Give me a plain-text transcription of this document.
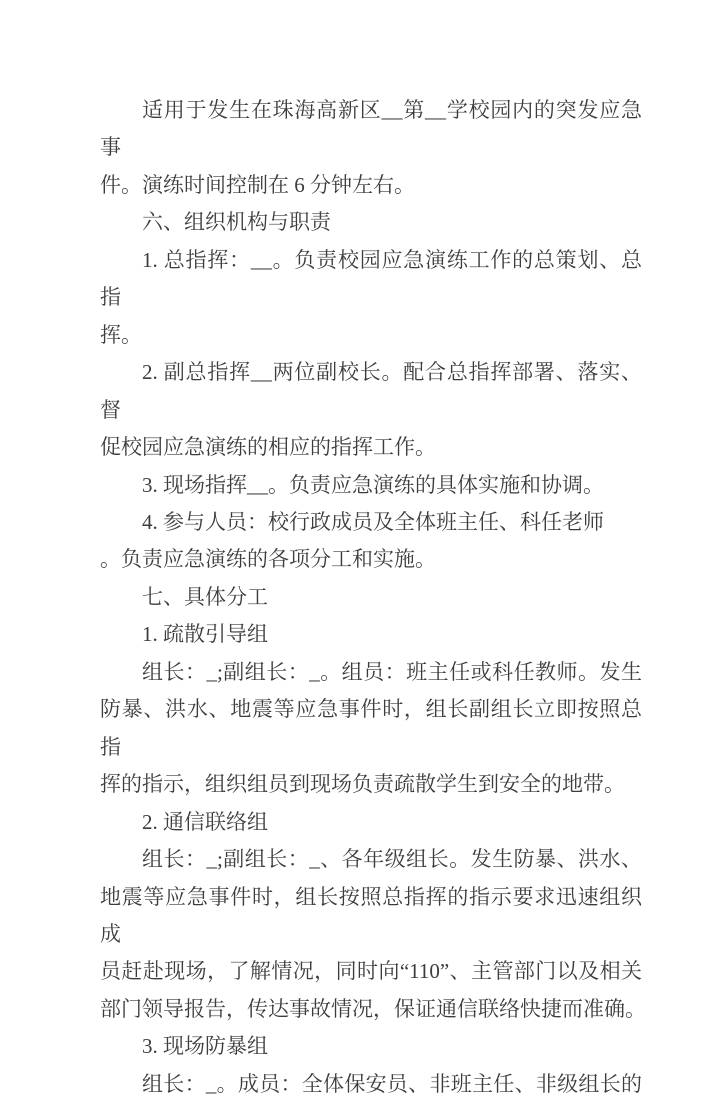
适用于发生在珠海高新区__第__学校园内的突发应急事
件。演练时间控制在 6 分钟左右。
六、组织机构与职责
1. 总指挥：__。负责校园应急演练工作的总策划、总指
挥。
2. 副总指挥__两位副校长。配合总指挥部署、落实、督
促校园应急演练的相应的指挥工作。
3. 现场指挥__。负责应急演练的具体实施和协调。
4. 参与人员：校行政成员及全体班主任、科任老师
。负责应急演练的各项分工和实施。
七、具体分工
1. 疏散引导组
组长：_;副组长：_。组员：班主任或科任教师。发生
防暴、洪水、地震等应急事件时，组长副组长立即按照总指
挥的指示，组织组员到现场负责疏散学生到安全的地带。
2. 通信联络组
组长：_;副组长：_、各年级组长。发生防暴、洪水、
地震等应急事件时，组长按照总指挥的指示要求迅速组织成
员赶赴现场，了解情况，同时向“110”、主管部门以及相关
部门领导报告，传达事故情况，保证通信联络快捷而准确。
3. 现场防暴组
组长：_。成员：全体保安员、非班主任、非级组长的
